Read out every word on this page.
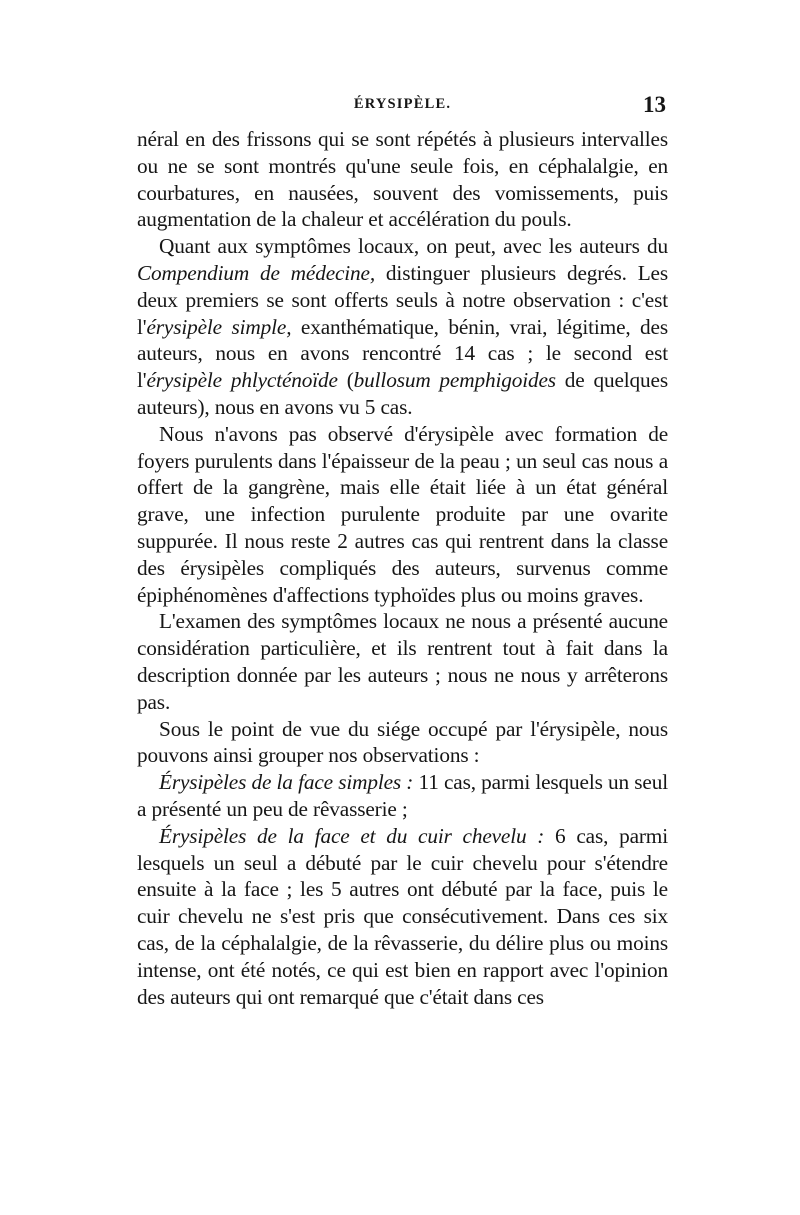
ÉRYSIPÈLE.	13

néral en des frissons qui se sont répétés à plusieurs intervalles ou ne se sont montrés qu'une seule fois, en céphalalgie, en courbatures, en nausées, souvent des vomissements, puis augmentation de la chaleur et accélération du pouls.

Quant aux symptômes locaux, on peut, avec les auteurs du Compendium de médecine, distinguer plusieurs degrés. Les deux premiers se sont offerts seuls à notre observation : c'est l'érysipèle simple, exanthématique, bénin, vrai, légitime, des auteurs, nous en avons rencontré 14 cas ; le second est l'érysipèle phlycténoïde (bullosum pemphigoides de quelques auteurs), nous en avons vu 5 cas.

Nous n'avons pas observé d'érysipèle avec formation de foyers purulents dans l'épaisseur de la peau ; un seul cas nous a offert de la gangrène, mais elle était liée à un état général grave, une infection purulente produite par une ovarite suppurée. Il nous reste 2 autres cas qui rentrent dans la classe des érysipèles compliqués des auteurs, survenus comme épiphénomènes d'affections typhoïdes plus ou moins graves.

L'examen des symptômes locaux ne nous a présenté aucune considération particulière, et ils rentrent tout à fait dans la description donnée par les auteurs ; nous ne nous y arrêterons pas.

Sous le point de vue du siége occupé par l'érysipèle, nous pouvons ainsi grouper nos observations :

Érysipèles de la face simples : 11 cas, parmi lesquels un seul a présenté un peu de rêvasserie ;

Érysipèles de la face et du cuir chevelu : 6 cas, parmi lesquels un seul a débuté par le cuir chevelu pour s'étendre ensuite à la face ; les 5 autres ont débuté par la face, puis le cuir chevelu ne s'est pris que consécutivement. Dans ces six cas, de la céphalalgie, de la rêvasserie, du délire plus ou moins intense, ont été notés, ce qui est bien en rapport avec l'opinion des auteurs qui ont remarqué que c'était dans ces
